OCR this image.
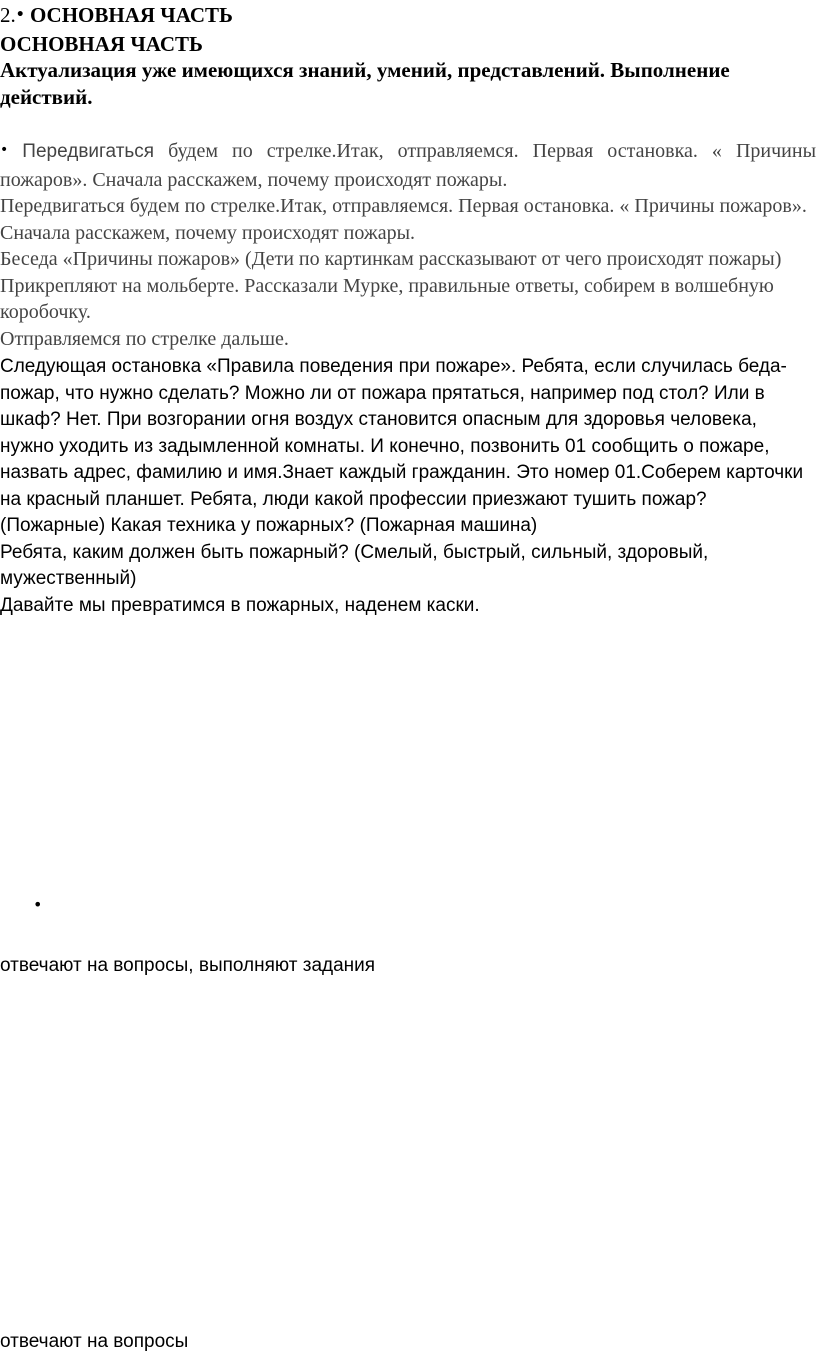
2.• ОСНОВНАЯ ЧАСТЬ
ОСНОВНАЯ ЧАСТЬ
Актуализация уже имеющихся знаний, умений, представлений. Выполнение действий.

• Передвигаться будем по стрелке.Итак, отправляемся. Первая остановка. « Причины пожаров». Сначала расскажем, почему происходят пожары.

Передвигаться будем по стрелке.Итак, отправляемся. Первая остановка. « Причины пожаров». Сначала расскажем, почему происходят пожары.

Беседа «Причины пожаров» (Дети по картинкам рассказывают от чего происходят пожары) Прикрепляют на мольберте. Рассказали Мурке, правильные ответы, собирем в волшебную коробочку.

Отправляемся по стрелке дальше.

Следующая остановка «Правила поведения при пожаре». Ребята, если случилась беда- пожар, что нужно сделать? Можно ли от пожара прятаться, например под стол? Или в шкаф? Нет. При возгорании огня воздух становится опасным для здоровья человека, нужно уходить из задымленной комнаты. И конечно, позвонить 01 сообщить о пожаре, назвать адрес, фамилию и имя.Знает каждый гражданин. Это номер 01.Соберем карточки на красный планшет. Ребята, люди какой профессии приезжают тушить пожар? (Пожарные) Какая техника у пожарных? (Пожарная машина)

Ребята, каким должен быть пожарный? (Смелый, быстрый, сильный, здоровый, мужественный)

Давайте мы превратимся в пожарных, наденем каски.

•
отвечают на вопросы, выполняют задания
отвечают на вопросы
